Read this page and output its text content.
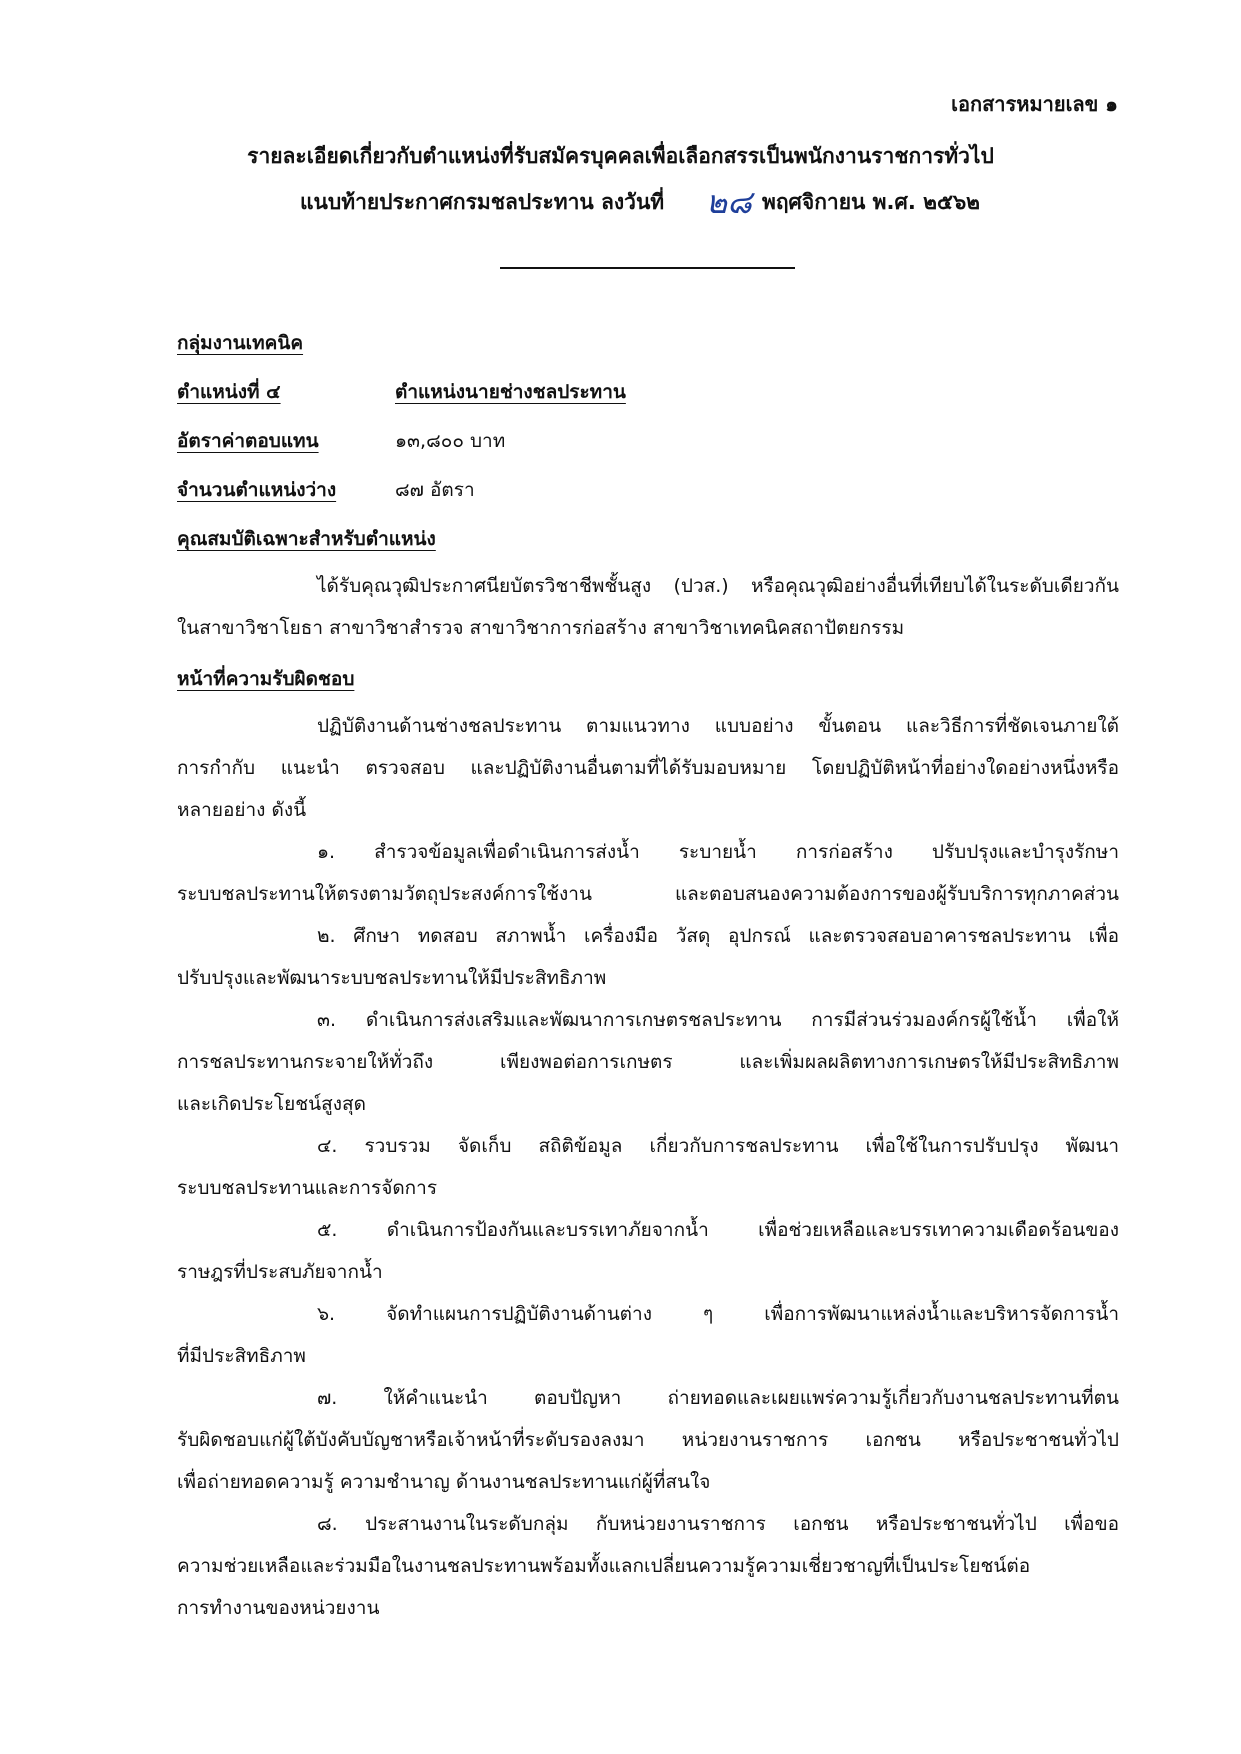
เอกสารหมายเลข ๑
รายละเอียดเกี่ยวกับตำแหน่งที่รับสมัครบุคคลเพื่อเลือกสรรเป็นพนักงานราชการทั่วไป
แนบท้ายประกาศกรมชลประทาน ลงวันที่ ๒๘ พฤศจิกายน พ.ศ. ๒๕๖๒
กลุ่มงานเทคนิค
ตำแหน่งที่ ๔	ตำแหน่งนายช่างชลประทาน
อัตราค่าตอบแทน	๑๓,๘๐๐ บาท
จำนวนตำแหน่งว่าง	๘๗ อัตรา
คุณสมบัติเฉพาะสำหรับตำแหน่ง
ได้รับคุณวุฒิประกาศนียบัตรวิชาชีพชั้นสูง (ปวส.) หรือคุณวุฒิอย่างอื่นที่เทียบได้ในระดับเดียวกัน
ในสาขาวิชาโยธา สาขาวิชาสำรวจ สาขาวิชาการก่อสร้าง สาขาวิชาเทคนิคสถาปัตยกรรม
หน้าที่ความรับผิดชอบ
ปฏิบัติงานด้านช่างชลประทาน ตามแนวทาง แบบอย่าง ขั้นตอน และวิธีการที่ชัดเจนภายใต้
การกำกับ แนะนำ ตรวจสอบ และปฏิบัติงานอื่นตามที่ได้รับมอบหมาย โดยปฏิบัติหน้าที่อย่างใดอย่างหนึ่งหรือ
หลายอย่าง ดังนี้
๑. สำรวจข้อมูลเพื่อดำเนินการส่งน้ำ ระบายน้ำ การก่อสร้าง ปรับปรุงและบำรุงรักษา
ระบบชลประทานให้ตรงตามวัตถุประสงค์การใช้งาน และตอบสนองความต้องการของผู้รับบริการทุกภาคส่วน
๒. ศึกษา ทดสอบ สภาพน้ำ เครื่องมือ วัสดุ อุปกรณ์ และตรวจสอบอาคารชลประทาน เพื่อ
ปรับปรุงและพัฒนาระบบชลประทานให้มีประสิทธิภาพ
๓. ดำเนินการส่งเสริมและพัฒนาการเกษตรชลประทาน การมีส่วนร่วมองค์กรผู้ใช้น้ำ เพื่อให้
การชลประทานกระจายให้ทั่วถึง เพียงพอต่อการเกษตร และเพิ่มผลผลิตทางการเกษตรให้มีประสิทธิภาพ
และเกิดประโยชน์สูงสุด
๔. รวบรวม จัดเก็บ สถิติข้อมูล เกี่ยวกับการชลประทาน เพื่อใช้ในการปรับปรุง พัฒนา
ระบบชลประทานและการจัดการ
๕. ดำเนินการป้องกันและบรรเทาภัยจากน้ำ เพื่อช่วยเหลือและบรรเทาความเดือดร้อนของ
ราษฎรที่ประสบภัยจากน้ำ
๖. จัดทำแผนการปฏิบัติงานด้านต่าง ๆ เพื่อการพัฒนาแหล่งน้ำและบริหารจัดการน้ำ
ที่มีประสิทธิภาพ
๗. ให้คำแนะนำ ตอบปัญหา ถ่ายทอดและเผยแพร่ความรู้เกี่ยวกับงานชลประทานที่ตน
รับผิดชอบแก่ผู้ใต้บังคับบัญชาหรือเจ้าหน้าที่ระดับรองลงมา หน่วยงานราชการ เอกชน หรือประชาชนทั่วไป
เพื่อถ่ายทอดความรู้ ความชำนาญ ด้านงานชลประทานแก่ผู้ที่สนใจ
๘. ประสานงานในระดับกลุ่ม กับหน่วยงานราชการ เอกชน หรือประชาชนทั่วไป เพื่อขอ
ความช่วยเหลือและร่วมมือในงานชลประทานพร้อมทั้งแลกเปลี่ยนความรู้ความเชี่ยวชาญที่เป็นประโยชน์ต่อ
การทำงานของหน่วยงาน
